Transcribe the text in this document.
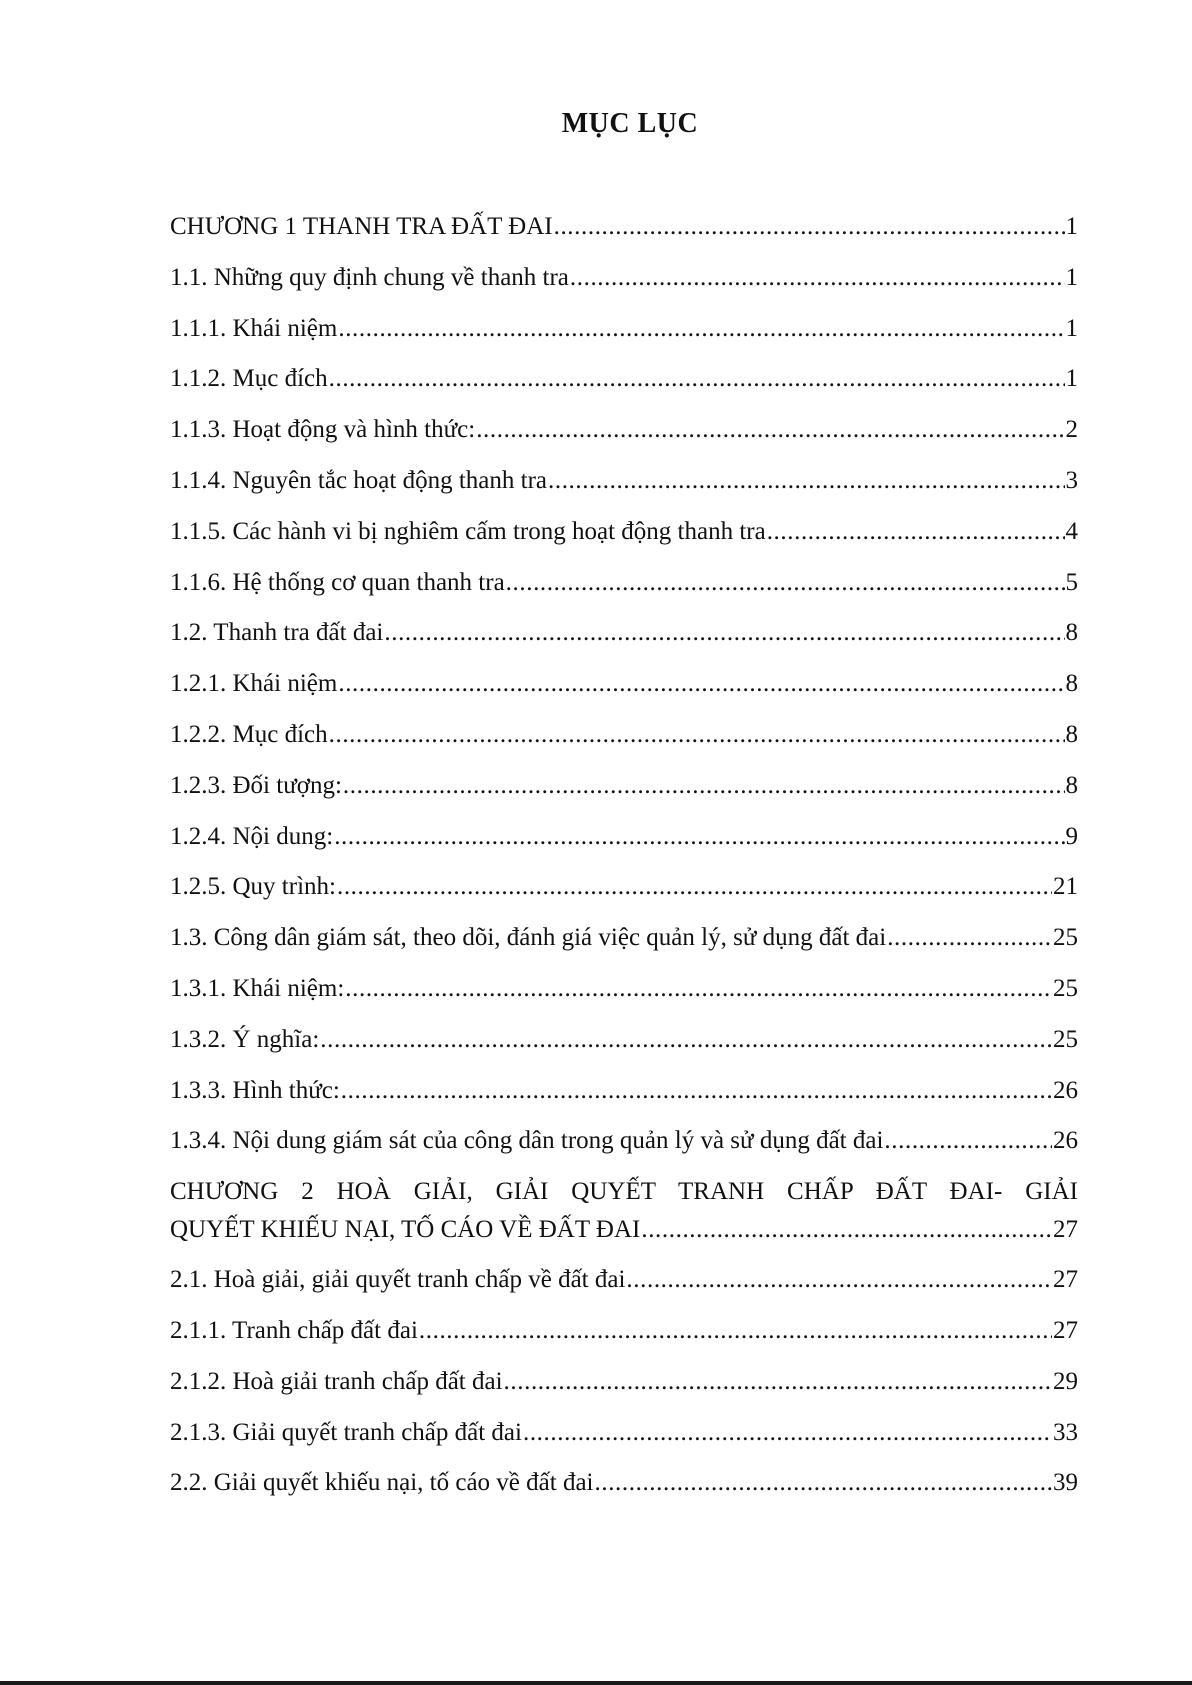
MỤC LỤC
CHƯƠNG 1 THANH TRA ĐẤT ĐAI .....	1
1.1. Những quy định chung về thanh tra .....	1
1.1.1. Khái niệm .....	1
1.1.2. Mục đích .....	1
1.1.3. Hoạt động và hình thức: .....	2
1.1.4. Nguyên tắc hoạt động thanh tra .....	3
1.1.5. Các hành vi bị nghiêm cấm trong hoạt động thanh tra .....	4
1.1.6. Hệ thống cơ quan thanh tra .....	5
1.2. Thanh tra đất đai .....	8
1.2.1. Khái niệm .....	8
1.2.2. Mục đích .....	8
1.2.3. Đối tượng: .....	8
1.2.4. Nội dung: .....	9
1.2.5. Quy trình: .....	21
1.3. Công dân giám sát, theo dõi, đánh giá việc quản lý, sử dụng đất đai .....	25
1.3.1. Khái niệm: .....	25
1.3.2. Ý nghĩa: .....	25
1.3.3. Hình thức: .....	26
1.3.4. Nội dung giám sát của công dân trong quản lý và sử dụng đất đai .....	26
CHƯƠNG 2 HOÀ GIẢI, GIẢI QUYẾT TRANH CHẤP ĐẤT ĐAI- GIẢI
QUYẾT KHIẾU NẠI, TỐ CÁO VỀ ĐẤT ĐAI .....	27
2.1. Hoà giải, giải quyết tranh chấp về đất đai .....	27
2.1.1. Tranh chấp đất đai .....	27
2.1.2. Hoà giải tranh chấp đất đai .....	29
2.1.3. Giải quyết tranh chấp đất đai .....	33
2.2. Giải quyết khiếu nại, tố cáo về đất đai .....	39
